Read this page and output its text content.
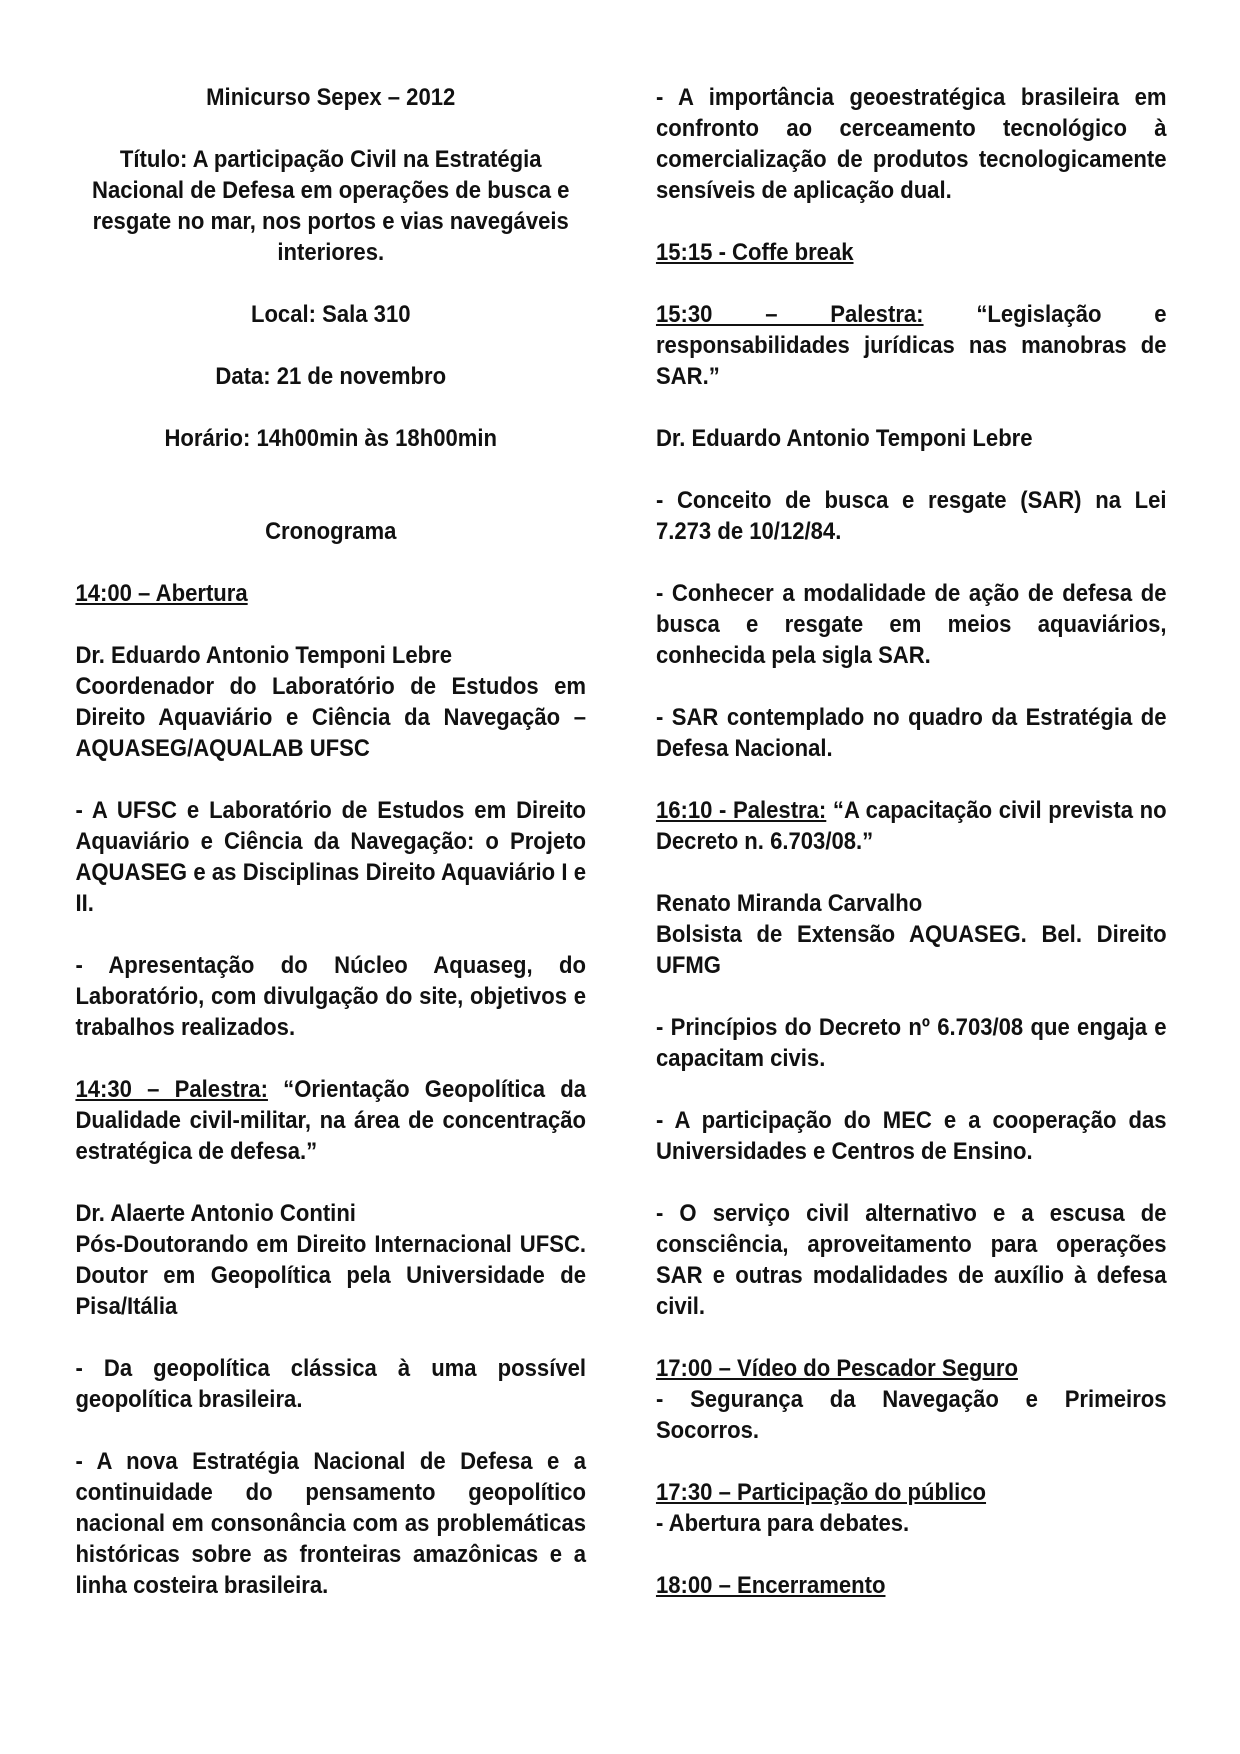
Minicurso Sepex – 2012

Título: A participação Civil na Estratégia Nacional de Defesa em operações de busca e resgate no mar, nos portos e vias navegáveis interiores.

Local: Sala 310

Data: 21 de novembro

Horário: 14h00min às 18h00min

Cronograma

14:00 – Abertura

Dr. Eduardo Antonio Temponi Lebre
Coordenador do Laboratório de Estudos em Direito Aquaviário e Ciência da Navegação – AQUASEG/AQUALAB UFSC

- A UFSC e Laboratório de Estudos em Direito Aquaviário e Ciência da Navegação: o Projeto AQUASEG e as Disciplinas Direito Aquaviário I e II.

- Apresentação do Núcleo Aquaseg, do Laboratório, com divulgação do site, objetivos e trabalhos realizados.

14:30 – Palestra: “Orientação Geopolítica da Dualidade civil-militar, na área de concentração estratégica de defesa.”

Dr. Alaerte Antonio Contini
Pós-Doutorando em Direito Internacional UFSC. Doutor em Geopolítica pela Universidade de Pisa/Itália

- Da geopolítica clássica à uma possível geopolítica brasileira.

- A nova Estratégia Nacional de Defesa e a continuidade do pensamento geopolítico nacional em consonância com as problemáticas históricas sobre as fronteiras amazônicas e a linha costeira brasileira.

- A importância geoestratégica brasileira em confronto ao cerceamento tecnológico à comercialização de produtos tecnologicamente sensíveis de aplicação dual.

15:15 - Coffe break

15:30 – Palestra: “Legislação e responsabilidades jurídicas nas manobras de SAR.”

Dr. Eduardo Antonio Temponi Lebre

- Conceito de busca e resgate (SAR) na Lei 7.273 de 10/12/84.

- Conhecer a modalidade de ação de defesa de busca e resgate em meios aquaviários, conhecida pela sigla SAR.

- SAR contemplado no quadro da Estratégia de Defesa Nacional.

16:10 - Palestra: “A capacitação civil prevista no Decreto n. 6.703/08.”

Renato Miranda Carvalho
Bolsista de Extensão AQUASEG. Bel. Direito UFMG

- Princípios do Decreto nº 6.703/08 que engaja e capacitam civis.

- A participação do MEC e a cooperação das Universidades e Centros de Ensino.

- O serviço civil alternativo e a escusa de consciência, aproveitamento para operações SAR e outras modalidades de auxílio à defesa civil.

17:00 – Vídeo do Pescador Seguro
- Segurança da Navegação e Primeiros Socorros.

17:30 – Participação do público
- Abertura para debates.

18:00 – Encerramento
